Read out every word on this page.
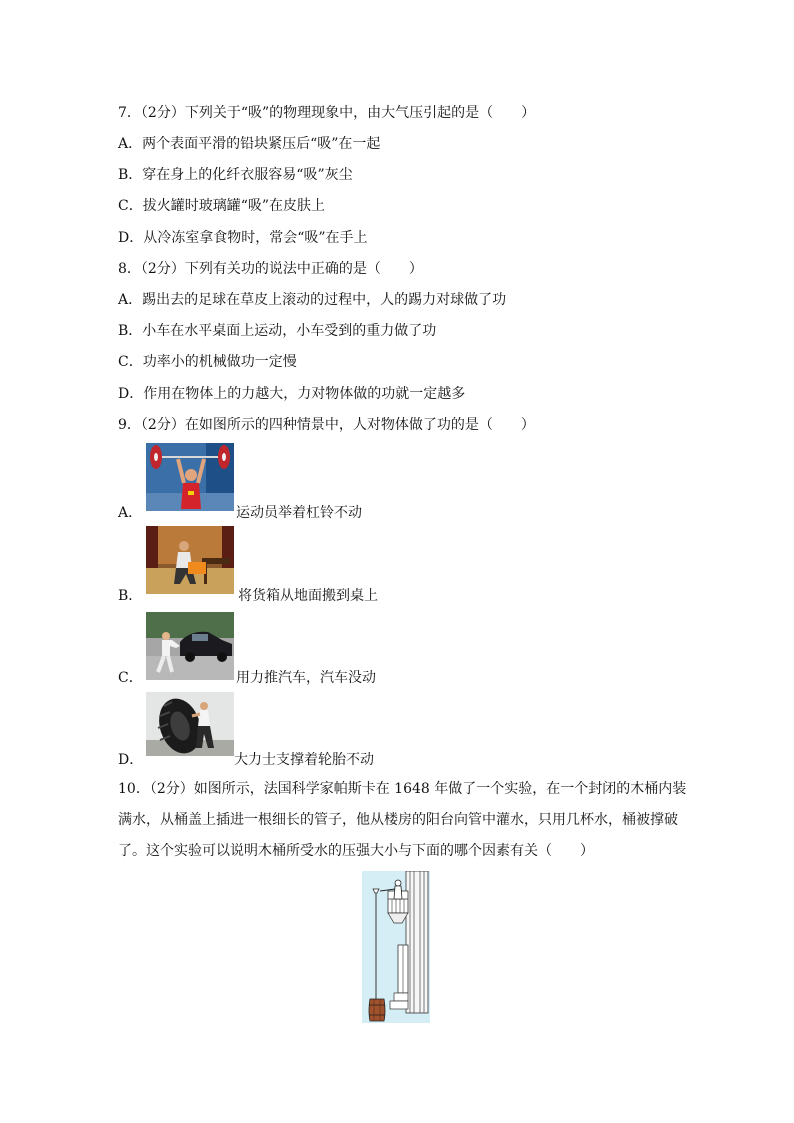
7．（2分）下列关于“吸”的物理现象中，由大气压引起的是（　　）
A．两个表面平滑的铅块紧压后“吸”在一起
B．穿在身上的化纤衣服容易“吸”灰尘
C．拔火罐时玻璃罐“吸”在皮肤上
D．从冷冻室拿食物时，常会“吸”在手上
8．（2分）下列有关功的说法中正确的是（　　）
A．踢出去的足球在草皮上滚动的过程中，人的踢力对球做了功
B．小车在水平桌面上运动，小车受到的重力做了功
C．功率小的机械做功一定慢
D．作用在物体上的力越大，力对物体做的功就一定越多
9．（2分）在如图所示的四种情景中，人对物体做了功的是（　　）
A．	运动员举着杠铃不动
B．	将货箱从地面搬到桌上
C．	用力推汽车，汽车没动
D．	大力士支撑着轮胎不动
10．（2分）如图所示，法国科学家帕斯卡在 1648 年做了一个实验，在一个封闭的木桶内装
满水，从桶盖上插进一根细长的管子，他从楼房的阳台向管中灌水，只用几杯水，桶被撑破
了。这个实验可以说明木桶所受水的压强大小与下面的哪个因素有关（　　）
